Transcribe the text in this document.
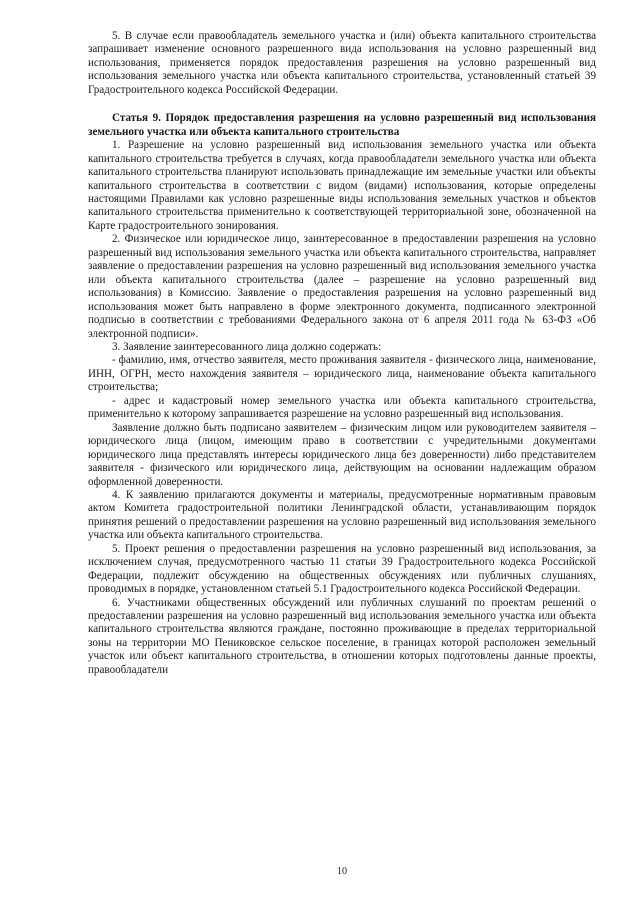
5. В случае если правообладатель земельного участка и (или) объекта капитального строительства запрашивает изменение основного разрешенного вида использования на условно разрешенный вид использования, применяется порядок предоставления разрешения на условно разрешенный вид использования земельного участка или объекта капитального строительства, установленный статьей 39 Градостроительного кодекса Российской Федерации.

Статья 9. Порядок предоставления разрешения на условно разрешенный вид использования земельного участка или объекта капитального строительства

1. Разрешение на условно разрешенный вид использования земельного участка или объекта капитального строительства требуется в случаях, когда правообладатели земельного участка или объекта капитального строительства планируют использовать принадлежащие им земельные участки или объекты капитального строительства в соответствии с видом (видами) использования, которые определены настоящими Правилами как условно разрешенные виды использования земельных участков и объектов капитального строительства применительно к соответствующей территориальной зоне, обозначенной на Карте градостроительного зонирования.

2. Физическое или юридическое лицо, заинтересованное в предоставлении разрешения на условно разрешенный вид использования земельного участка или объекта капитального строительства, направляет заявление о предоставлении разрешения на условно разрешенный вид использования земельного участка или объекта капитального строительства (далее – разрешение на условно разрешенный вид использования) в Комиссию. Заявление о предоставления разрешения на условно разрешенный вид использования может быть направлено в форме электронного документа, подписанного электронной подписью в соответствии с требованиями Федерального закона от 6 апреля 2011 года № 63-ФЗ «Об электронной подписи».

3. Заявление заинтересованного лица должно содержать:

- фамилию, имя, отчество заявителя, место проживания заявителя - физического лица, наименование, ИНН, ОГРН, место нахождения заявителя – юридического лица, наименование объекта капитального строительства;

- адрес и кадастровый номер земельного участка или объекта капитального строительства, применительно к которому запрашивается разрешение на условно разрешенный вид использования.

Заявление должно быть подписано заявителем – физическим лицом или руководителем заявителя – юридического лица (лицом, имеющим право в соответствии с учредительными документами юридического лица представлять интересы юридического лица без доверенности) либо представителем заявителя - физического или юридического лица, действующим на основании надлежащим образом оформленной доверенности.

4. К заявлению прилагаются документы и материалы, предусмотренные нормативным правовым актом Комитета градостроительной политики Ленинградской области, устанавливающим порядок принятия решений о предоставлении разрешения на условно разрешенный вид использования земельного участка или объекта капитального строительства.

5. Проект решения о предоставлении разрешения на условно разрешенный вид использования, за исключением случая, предусмотренного частью 11 статьи 39 Градостроительного кодекса Российской Федерации, подлежит обсуждению на общественных обсуждениях или публичных слушаниях, проводимых в порядке, установленном статьей 5.1 Градостроительного кодекса Российской Федерации.

6. Участниками общественных обсуждений или публичных слушаний по проектам решений о предоставлении разрешения на условно разрешенный вид использования земельного участка или объекта капитального строительства являются граждане, постоянно проживающие в пределах территориальной зоны на территории МО Пениковское сельское поселение, в границах которой расположен земельный участок или объект капитального строительства, в отношении которых подготовлены данные проекты, правообладатели

10
